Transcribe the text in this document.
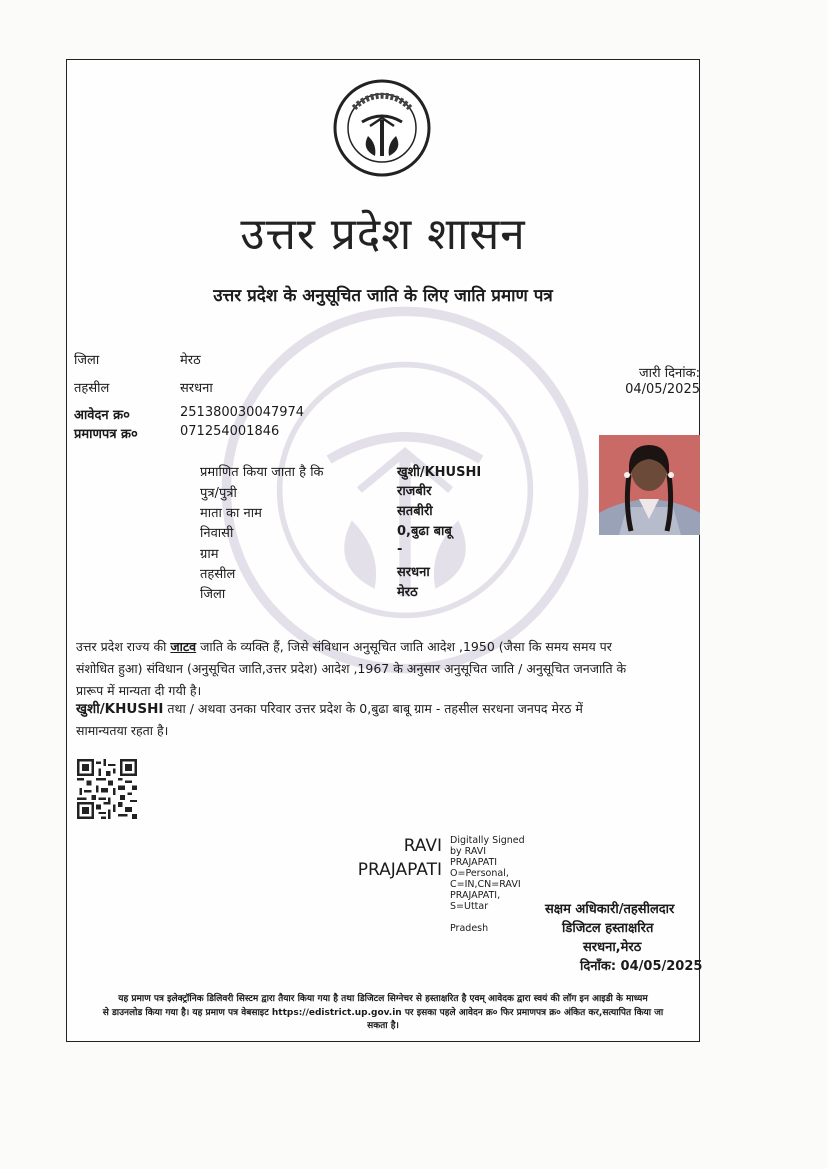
उत्तर प्रदेश शासन
उत्तर प्रदेश के अनुसूचित जाति के लिए जाति प्रमाण पत्र
जिला	मेरठ
तहसील	सरधना
आवेदन क्र०	251380030047974
प्रमाणपत्र क्र०	071254001846
जारी दिनांक:
04/05/2025
प्रमाणित किया जाता है कि	खुशी/KHUSHI
पुत्र/पुत्री	राजबीर
माता का नाम	सतबीरी
निवासी	0,बुढा बाबू
ग्राम	-
तहसील	सरधना
जिला	मेरठ
उत्तर प्रदेश राज्य की जाटव जाति के व्यक्ति हैं, जिसे संविधान अनुसूचित जाति आदेश ,1950 (जैसा कि समय समय पर
संशोधित हुआ) संविधान (अनुसूचित जाति,उत्तर प्रदेश) आदेश ,1967 के अनुसार अनुसूचित जाति / अनुसूचित जनजाति के
प्रारूप में मान्यता दी गयी है।
खुशी/KHUSHI तथा / अथवा उनका परिवार उत्तर प्रदेश के 0,बुढा बाबू ग्राम - तहसील सरधना जनपद मेरठ में
सामान्यतया रहता है।
RAVI
PRAJAPATI
Digitally Signed
by RAVI
PRAJAPATI
O=Personal,
C=IN,CN=RAVI
PRAJAPATI,
S=Uttar
Pradesh
सक्षम अधिकारी/तहसीलदार
डिजिटल हस्ताक्षरित
सरधना,मेरठ
दिनाँक: 04/05/2025
यह प्रमाण पत्र इलेक्ट्रॉनिक डिलिवरी सिस्टम द्वारा तैयार किया गया है तथा डिजिटल सिग्नेचर से हस्ताक्षरित है एवम् आवेदक द्वारा स्वयं की लॉग इन आइडी के माध्यम
से डाउनलोड किया गया है। यह प्रमाण पत्र वेबसाइट https://edistrict.up.gov.in पर इसका पहले आवेदन क्र० फिर प्रमाणपत्र क्र० अंकित कर,सत्यापित किया जा
सकता है।
